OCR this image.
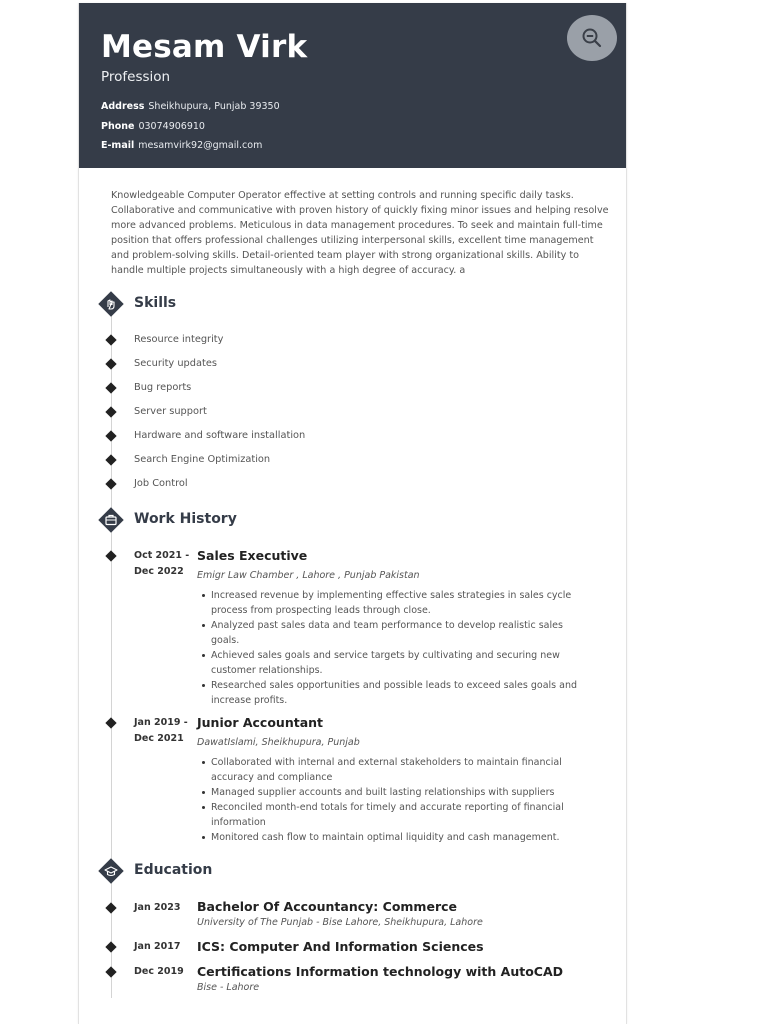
Mesam Virk
Profession
Address Sheikhupura, Punjab 39350
Phone 03074906910
E-mail mesamvirk92@gmail.com
Knowledgeable Computer Operator effective at setting controls and running specific daily tasks. Collaborative and communicative with proven history of quickly fixing minor issues and helping resolve more advanced problems. Meticulous in data management procedures. To seek and maintain full-time position that offers professional challenges utilizing interpersonal skills, excellent time management and problem-solving skills. Detail-oriented team player with strong organizational skills. Ability to handle multiple projects simultaneously with a high degree of accuracy. a
Skills
Resource integrity
Security updates
Bug reports
Server support
Hardware and software installation
Search Engine Optimization
Job Control
Work History
Oct 2021 -
Dec 2022
Sales Executive
Emigr Law Chamber , Lahore , Punjab Pakistan
Increased revenue by implementing effective sales strategies in sales cycle process from prospecting leads through close.
Analyzed past sales data and team performance to develop realistic sales goals.
Achieved sales goals and service targets by cultivating and securing new customer relationships.
Researched sales opportunities and possible leads to exceed sales goals and increase profits.
Jan 2019 -
Dec 2021
Junior Accountant
DawatIslami, Sheikhupura, Punjab
Collaborated with internal and external stakeholders to maintain financial accuracy and compliance
Managed supplier accounts and built lasting relationships with suppliers
Reconciled month-end totals for timely and accurate reporting of financial information
Monitored cash flow to maintain optimal liquidity and cash management.
Education
Jan 2023 Bachelor Of Accountancy: Commerce
University of The Punjab - Bise Lahore, Sheikhupura, Lahore
Jan 2017 ICS: Computer And Information Sciences
Dec 2019 Certifications Information technology with AutoCAD
Bise - Lahore
